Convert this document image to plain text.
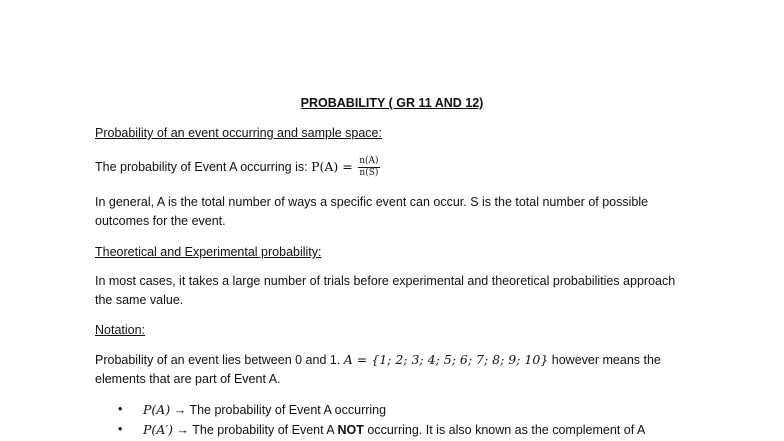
PROBABILITY ( GR 11 AND 12)
Probability of an event occurring and sample space:
The probability of Event A occurring is: $P(A) = \frac{n(A)}{n(S)}$
In general, A is the total number of ways a specific event can occur. S is the total number of possible outcomes for the event.
Theoretical and Experimental probability:
In most cases, it takes a large number of trials before experimental and theoretical probabilities approach the same value.
Notation:
Probability of an event lies between 0 and 1. A = {1; 2; 3; 4; 5; 6; 7; 8; 9; 10} however means the elements that are part of Event A.
• P(A) → The probability of Event A occurring
• P(A′) → The probability of Event A NOT occurring. It is also known as the complement of A
